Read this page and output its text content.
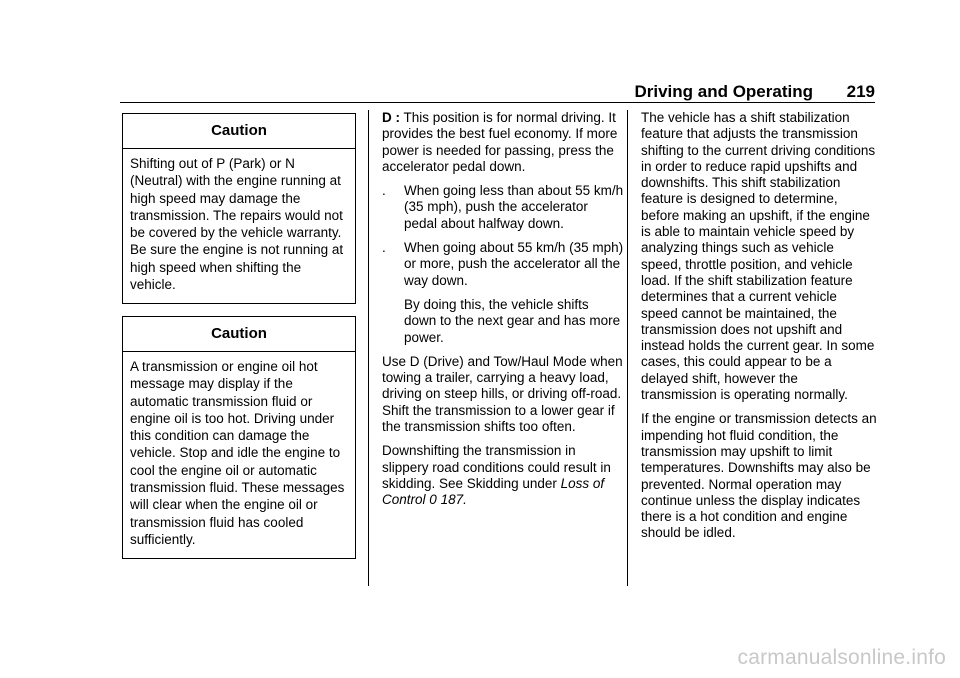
Driving and Operating 219
Caution
Shifting out of P (Park) or N (Neutral) with the engine running at high speed may damage the transmission. The repairs would not be covered by the vehicle warranty. Be sure the engine is not running at high speed when shifting the vehicle.
Caution
A transmission or engine oil hot message may display if the automatic transmission fluid or engine oil is too hot. Driving under this condition can damage the vehicle. Stop and idle the engine to cool the engine oil or automatic transmission fluid. These messages will clear when the engine oil or transmission fluid has cooled sufficiently.

D : This position is for normal driving. It provides the best fuel economy. If more power is needed for passing, press the accelerator pedal down.

. When going less than about 55 km/h (35 mph), push the accelerator pedal about halfway down.
. When going about 55 km/h (35 mph) or more, push the accelerator all the way down.
By doing this, the vehicle shifts down to the next gear and has more power.

Use D (Drive) and Tow/Haul Mode when towing a trailer, carrying a heavy load, driving on steep hills, or driving off-road. Shift the transmission to a lower gear if the transmission shifts too often.

Downshifting the transmission in slippery road conditions could result in skidding. See Skidding under Loss of Control 0 187.

The vehicle has a shift stabilization feature that adjusts the transmission shifting to the current driving conditions in order to reduce rapid upshifts and downshifts. This shift stabilization feature is designed to determine, before making an upshift, if the engine is able to maintain vehicle speed by analyzing things such as vehicle speed, throttle position, and vehicle load. If the shift stabilization feature determines that a current vehicle speed cannot be maintained, the transmission does not upshift and instead holds the current gear. In some cases, this could appear to be a delayed shift, however the transmission is operating normally.

If the engine or transmission detects an impending hot fluid condition, the transmission may upshift to limit temperatures. Downshifts may also be prevented. Normal operation may continue unless the display indicates there is a hot condition and engine should be idled.

carmanualsonline.info
